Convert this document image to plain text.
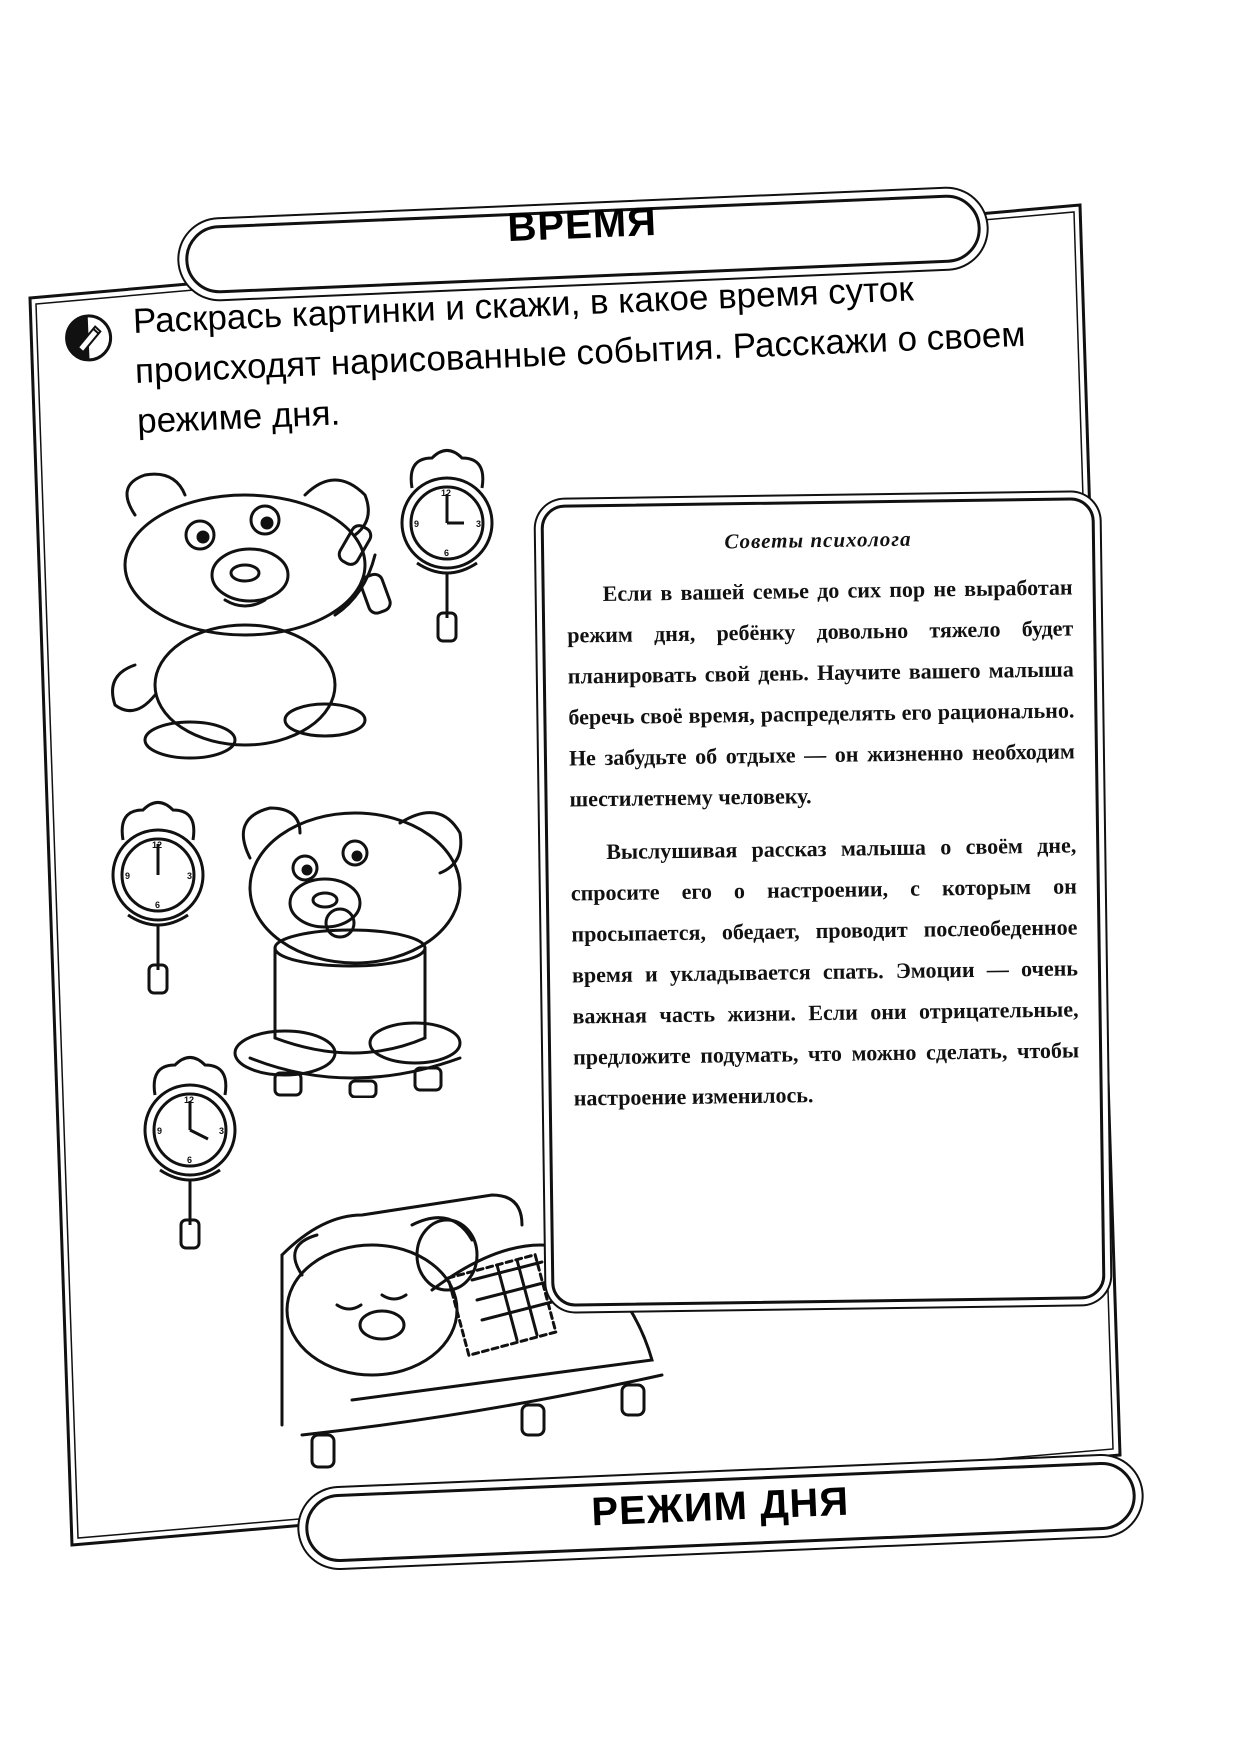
ВРЕМЯ
Раскрась картинки и скажи, в какое время суток происходят нарисованные события. Расскажи о своем режиме дня.
12
3
6
9
12
3
6
9
12
3
6
9
Советы психолога

Если в вашей семье до сих пор не выработан режим дня, ребёнку довольно тяжело будет планировать свой день. Научите вашего малыша беречь своё время, распределять его рационально. Не забудьте об отдыхе — он жизненно необходим шестилетнему человеку.

Выслушивая рассказ малыша о своём дне, спросите его о настроении, с которым он просыпается, обедает, проводит послеобеденное время и укладывается спать. Эмоции — очень важная часть жизни. Если они отрицательные, предложите подумать, что можно сделать, чтобы настроение изменилось.

РЕЖИМ ДНЯ
